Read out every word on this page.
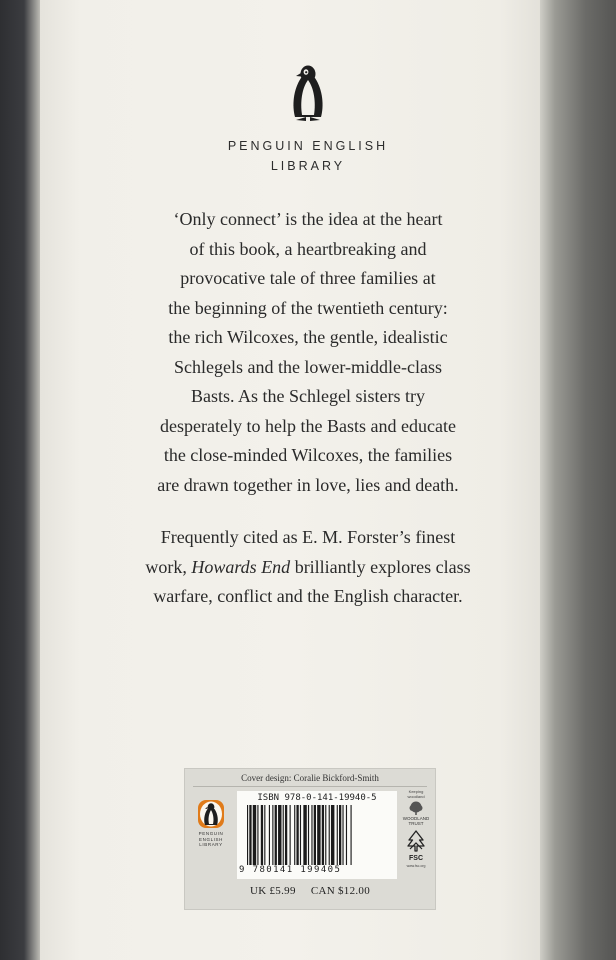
PENGUIN ENGLISH
LIBRARY

‘Only connect’ is the idea at the heart
of this book, a heartbreaking and
provocative tale of three families at
the beginning of the twentieth century:
the rich Wilcoxes, the gentle, idealistic
Schlegels and the lower-middle-class
Basts. As the Schlegel sisters try
desperately to help the Basts and educate
the close-minded Wilcoxes, the families
are drawn together in love, lies and death.

Frequently cited as E. M. Forster’s finest
work, Howards End brilliantly explores class
warfare, conflict and the English character.

Cover design: Coralie Bickford-Smith
PENGUIN
ENGLISH
LIBRARY
ISBN 978-0-141-19940-5
9 780141 199405
Keeping
woodland
WOODLAND
TRUST
FSC
www.fsc.org
UK £5.99 CAN $12.00
